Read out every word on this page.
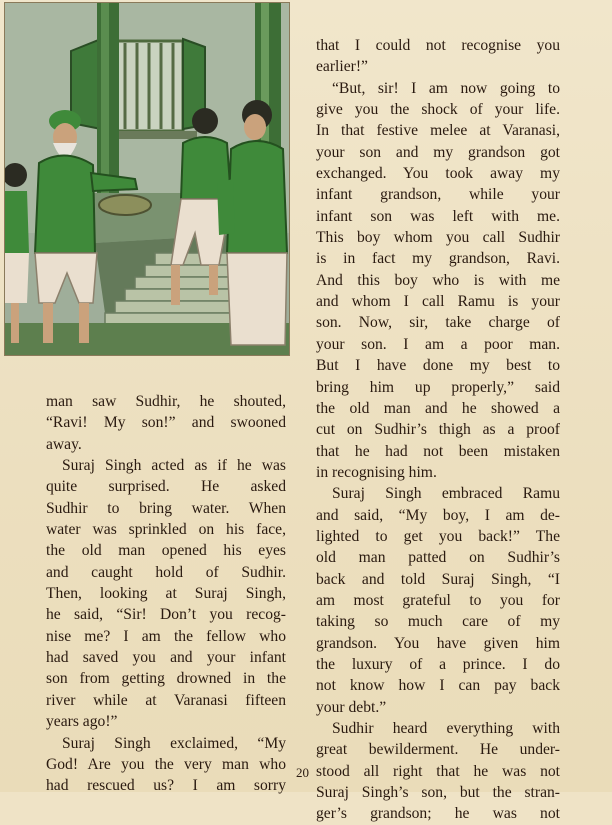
man saw Sudhir, he shouted,

“Ravi! My son!” and swooned

away.

Suraj Singh acted as if he was

quite surprised. He asked

Sudhir to bring water. When

water was sprinkled on his face,

the old man opened his eyes

and caught hold of Sudhir.

Then, looking at Suraj Singh,

he said, “Sir! Don’t you recog-

nise me? I am the fellow who

had saved you and your infant

son from getting drowned in the

river while at Varanasi fifteen

years ago!”

Suraj Singh exclaimed, “My

God! Are you the very man who

had rescued us? I am sorry

that I could not recognise you

earlier!”

“But, sir! I am now going to

give you the shock of your life.

In that festive melee at Varanasi,

your son and my grandson got

exchanged. You took away my

infant grandson, while your

infant son was left with me.

This boy whom you call Sudhir

is in fact my grandson, Ravi.

And this boy who is with me

and whom I call Ramu is your

son. Now, sir, take charge of

your son. I am a poor man.

But I have done my best to

bring him up properly,” said

the old man and he showed a

cut on Sudhir’s thigh as a proof

that he had not been mistaken

in recognising him.

Suraj Singh embraced Ramu

and said, “My boy, I am de-

lighted to get you back!” The

old man patted on Sudhir’s

back and told Suraj Singh, “I

am most grateful to you for

taking so much care of my

grandson. You have given him

the luxury of a prince. I do

not know how I can pay back

your debt.”

Sudhir heard everything with

great bewilderment. He under-

stood all right that he was not

Suraj Singh’s son, but the stran-

ger’s grandson; he was not

20
